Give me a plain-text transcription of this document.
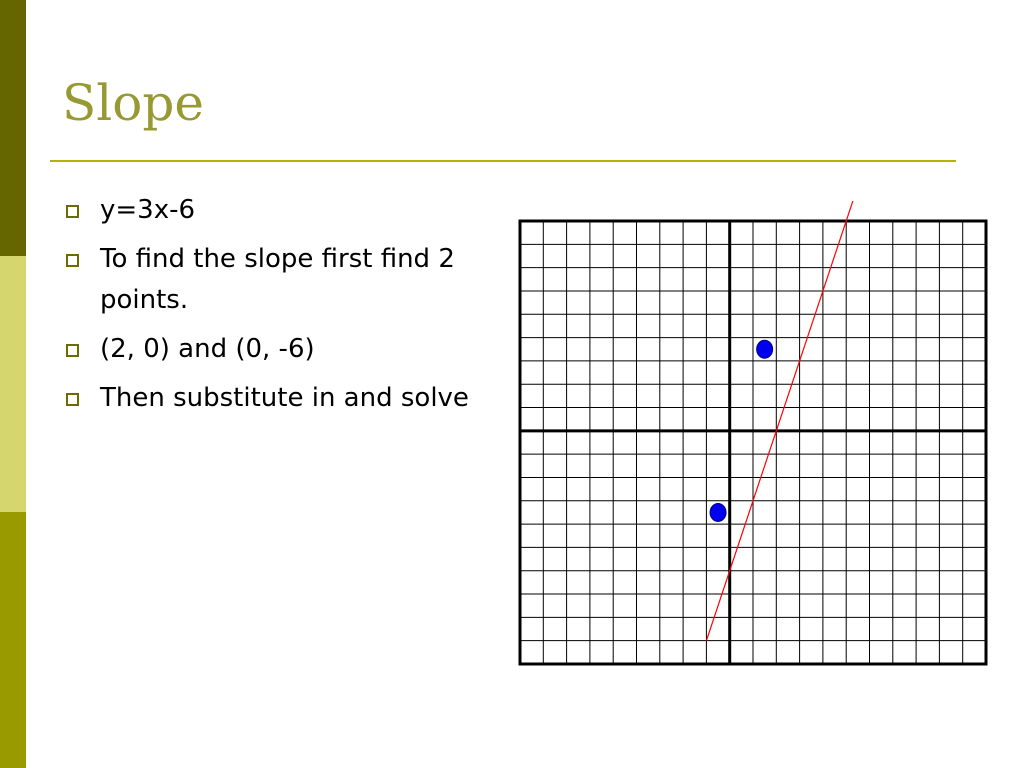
Slope
y=3x-6
To find the slope first find 2 points.
(2, 0) and (0, -6)
Then substitute in and solve
